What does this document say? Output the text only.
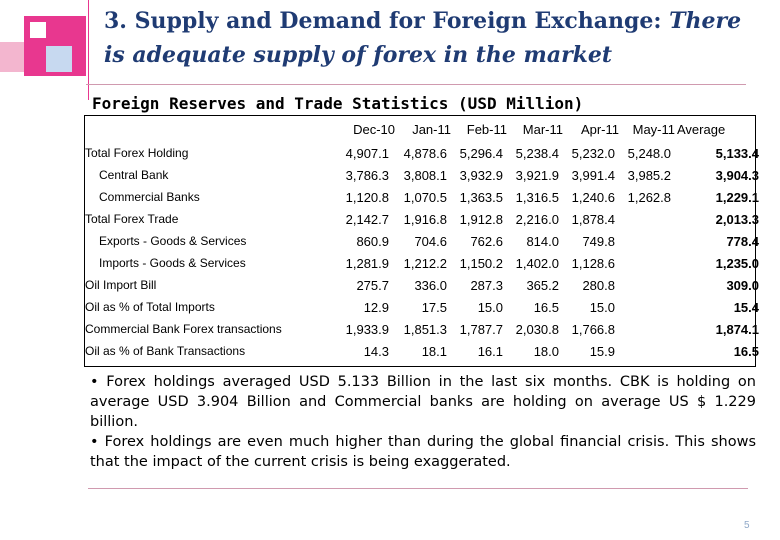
3. Supply and Demand for Foreign Exchange: There
is adequate supply of forex in the market

Foreign Reserves and Trade Statistics (USD Million)

	Dec-10	Jan-11	Feb-11	Mar-11	Apr-11	May-11	Average
Total Forex Holding	4,907.1	4,878.6	5,296.4	5,238.4	5,232.0	5,248.0	5,133.4
Central Bank	3,786.3	3,808.1	3,932.9	3,921.9	3,991.4	3,985.2	3,904.3
Commercial Banks	1,120.8	1,070.5	1,363.5	1,316.5	1,240.6	1,262.8	1,229.1
Total Forex Trade	2,142.7	1,916.8	1,912.8	2,216.0	1,878.4		2,013.3
Exports - Goods & Services	860.9	704.6	762.6	814.0	749.8		778.4
Imports - Goods & Services	1,281.9	1,212.2	1,150.2	1,402.0	1,128.6		1,235.0
Oil Import Bill	275.7	336.0	287.3	365.2	280.8		309.0
Oil as % of Total Imports	12.9	17.5	15.0	16.5	15.0		15.4
Commercial Bank Forex transactions	1,933.9	1,851.3	1,787.7	2,030.8	1,766.8		1,874.1
Oil as % of Bank Transactions	14.3	18.1	16.1	18.0	15.9		16.5

• Forex holdings averaged USD 5.133 Billion in the last six months. CBK is holding on average USD 3.904 Billion and Commercial banks are holding on average US $ 1.229 billion.

• Forex holdings are even much higher than during the global financial crisis. This shows that the impact of the current crisis is being exaggerated.

5
